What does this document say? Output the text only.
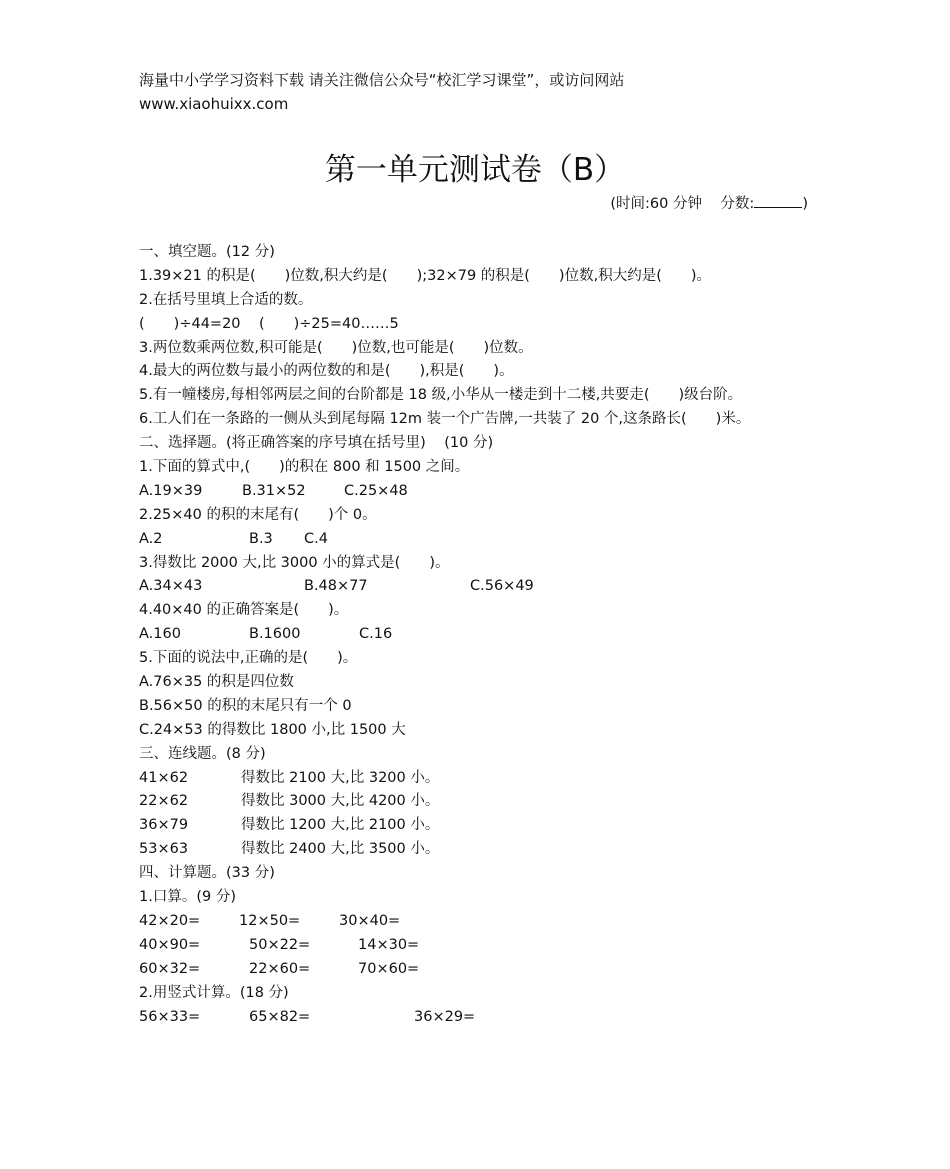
海量中小学学习资料下载 请关注微信公众号“校汇学习课堂”，或访问网站
www.xiaohuixx.com
第一单元测试卷（B）
(时间:60 分钟    分数:	)
一、填空题。(12 分)
1.39×21 的积是(　　)位数,积大约是(　　);32×79 的积是(　　)位数,积大约是(　　)。
2.在括号里填上合适的数。
(　　)÷44=20    (　　)÷25=40……5
3.两位数乘两位数,积可能是(　　)位数,也可能是(　　)位数。
4.最大的两位数与最小的两位数的和是(　　),积是(　　)。
5.有一幢楼房,每相邻两层之间的台阶都是 18 级,小华从一楼走到十二楼,共要走(　　)级台阶。
6.工人们在一条路的一侧从头到尾每隔 12m 装一个广告牌,一共装了 20 个,这条路长(　　)米。
二、选择题。(将正确答案的序号填在括号里)    (10 分)
1.下面的算式中,(　　)的积在 800 和 1500 之间。
A.19×39	B.31×52	C.25×48
2.25×40 的积的末尾有(　　)个 0。
A.2	B.3 C.4
3.得数比 2000 大,比 3000 小的算式是(　　)。
A.34×43	B.48×77	C.56×49
4.40×40 的正确答案是(　　)。
A.160	B.1600	C.16
5.下面的说法中,正确的是(　　)。
A.76×35 的积是四位数
B.56×50 的积的末尾只有一个 0
C.24×53 的得数比 1800 小,比 1500 大
三、连线题。(8 分)
41×62	得数比 2100 大,比 3200 小。
22×62	得数比 3000 大,比 4200 小。
36×79	得数比 1200 大,比 2100 小。
53×63	得数比 2400 大,比 3500 小。
四、计算题。(33 分)
1.口算。(9 分)
42×20=	12×50=	30×40=
40×90=	50×22=	14×30=
60×32=	22×60=	70×60=
2.用竖式计算。(18 分)
56×33=	65×82=	36×29=
